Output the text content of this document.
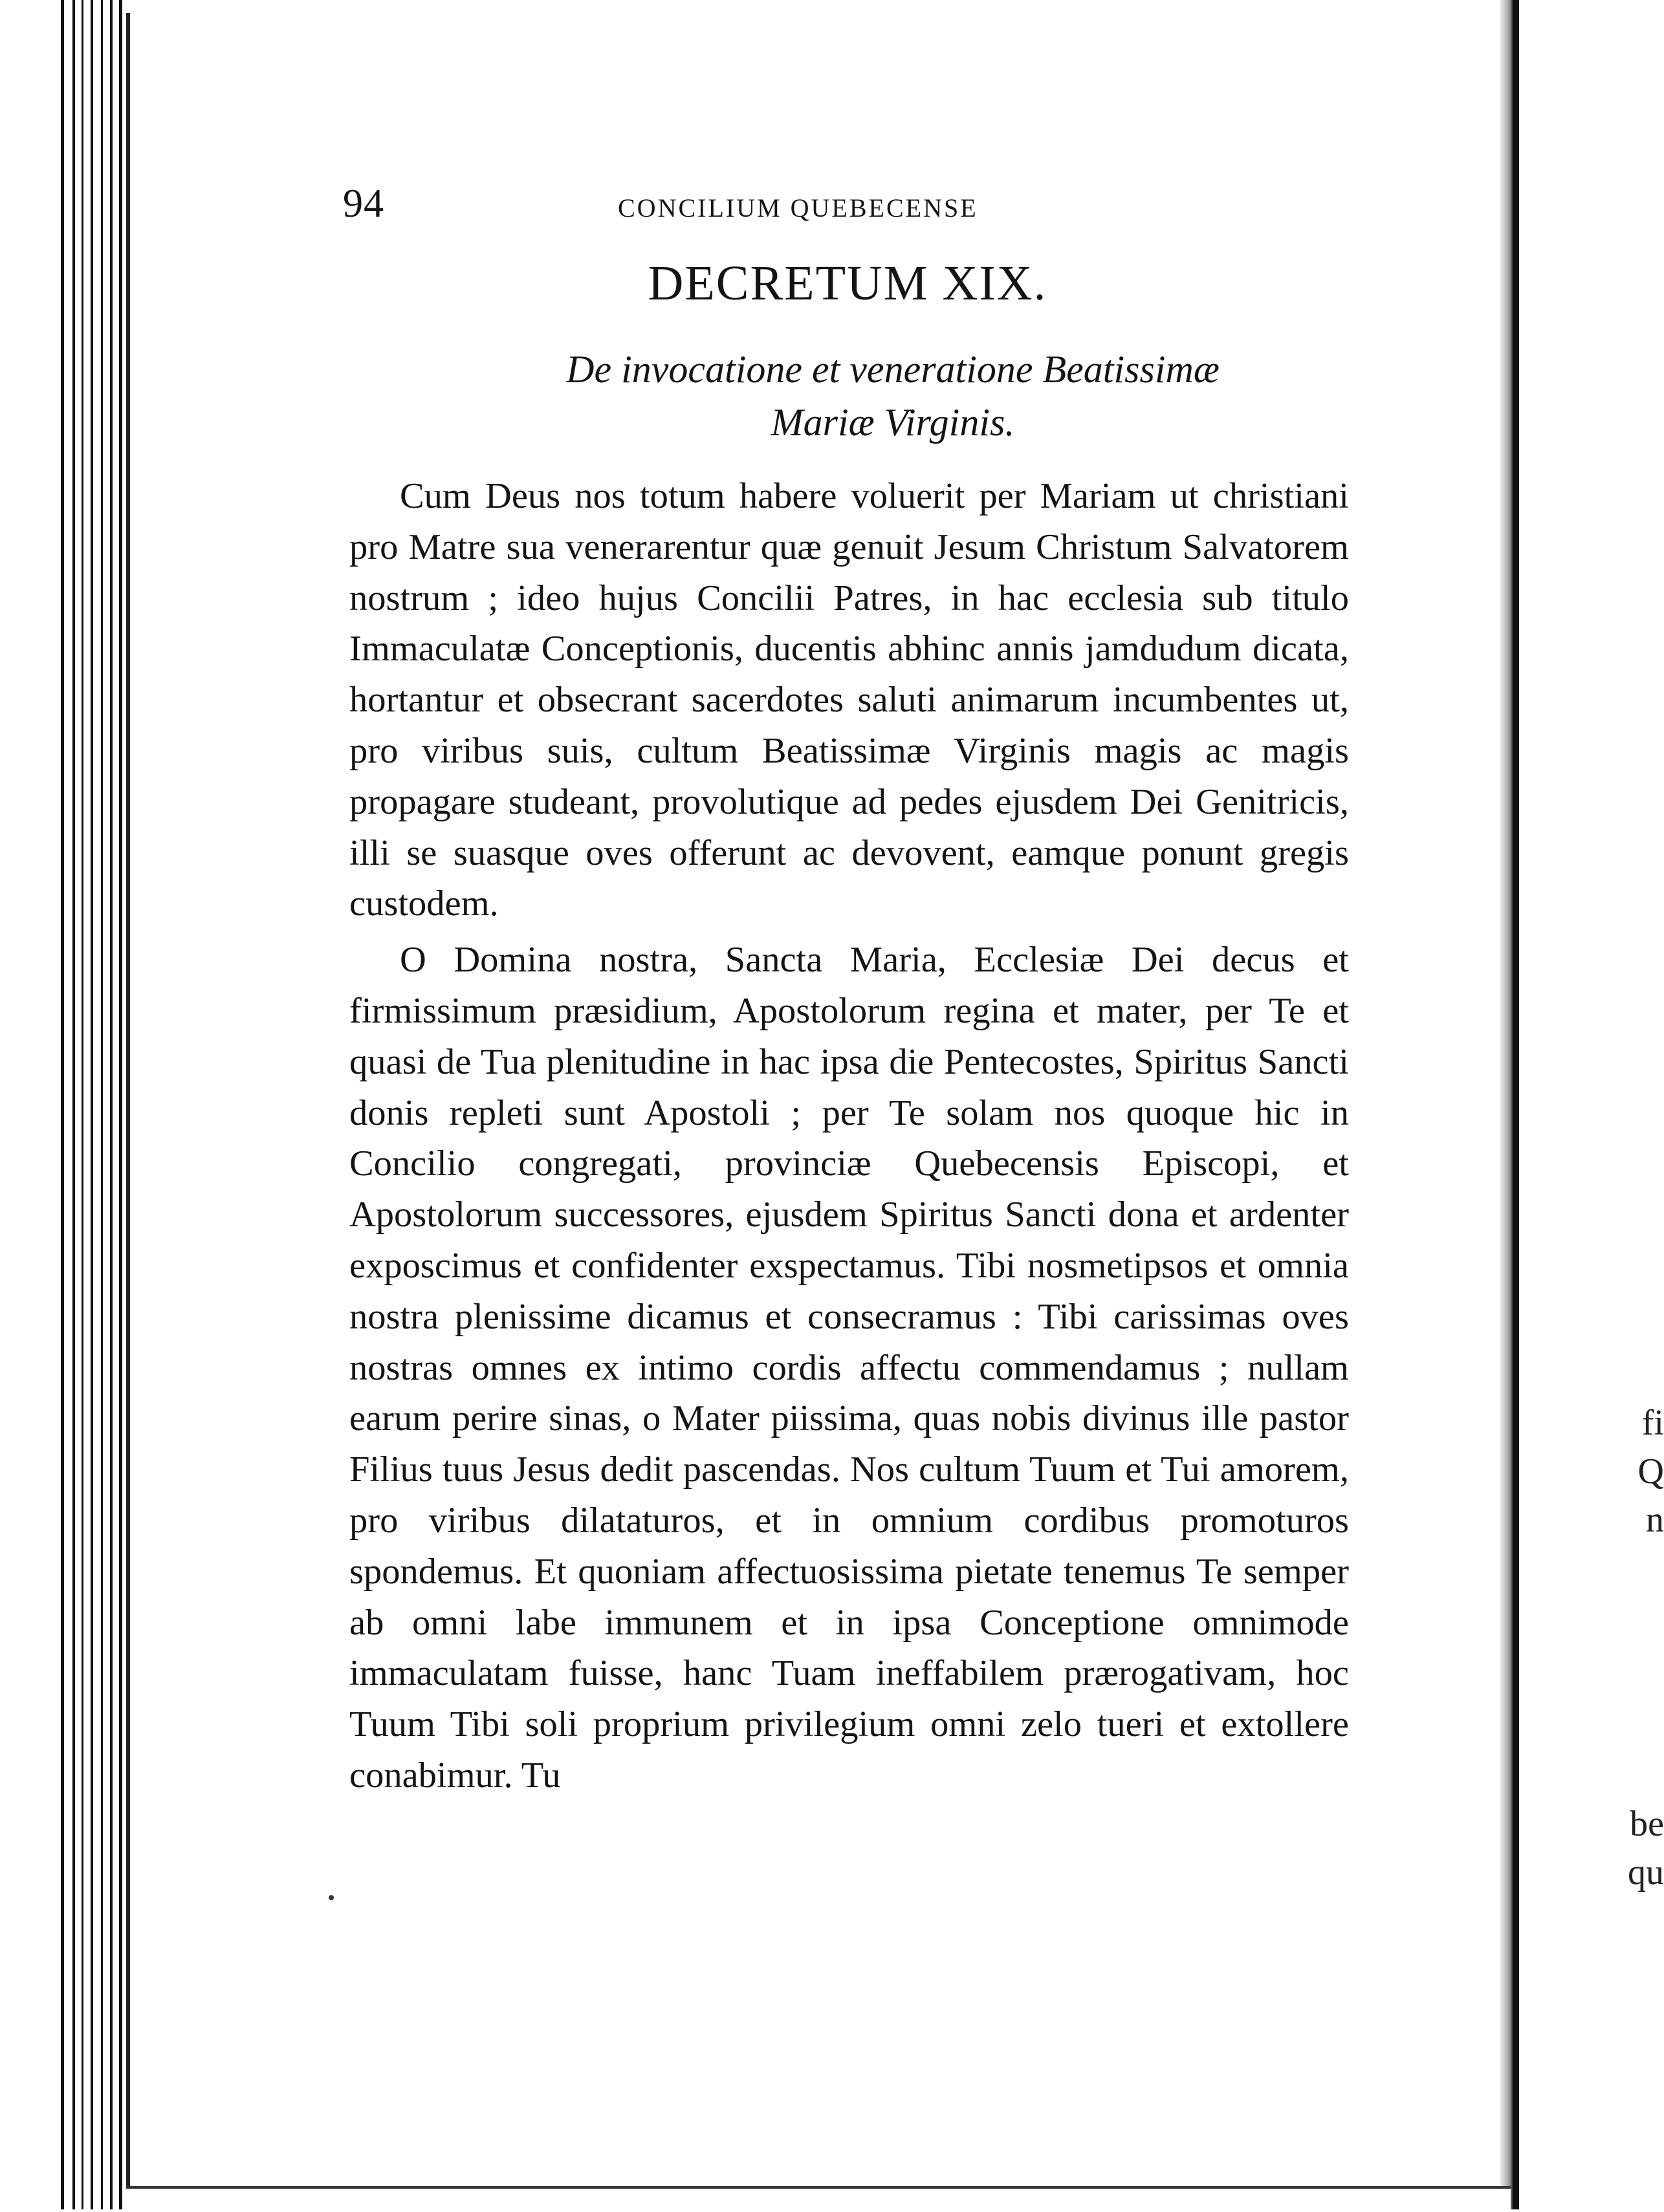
fi
Q
n
be
qu
94	CONCILIUM QUEBECENSE
DECRETUM XIX.
De invocatione et veneratione Beatissimæ
Mariæ Virginis.

Cum Deus nos totum habere voluerit per Mariam ut christiani pro Matre sua venerarentur quæ genuit Jesum Christum Salvatorem nostrum ; ideo hujus Concilii Patres, in hac ecclesia sub titulo Immaculatæ Conceptionis, ducentis abhinc annis jamdudum dicata, hortantur et obsecrant sacerdotes saluti animarum incumbentes ut, pro viribus suis, cultum Beatissimæ Virginis magis ac magis propagare studeant, provolutique ad pedes ejusdem Dei Genitricis, illi se suasque oves offerunt ac devovent, eamque ponunt gregis custodem.

O Domina nostra, Sancta Maria, Ecclesiæ Dei decus et firmissimum præsidium, Apostolorum regina et mater, per Te et quasi de Tua plenitudine in hac ipsa die Pentecostes, Spiritus Sancti donis repleti sunt Apostoli ; per Te solam nos quoque hic in Concilio congregati, provinciæ Quebecensis Episcopi, et Apostolorum successores, ejusdem Spiritus Sancti dona et ardenter exposcimus et confidenter exspectamus. Tibi nosmetipsos et omnia nostra plenissime dicamus et consecramus : Tibi carissimas oves nostras omnes ex intimo cordis affectu commendamus ; nullam earum perire sinas, o Mater piissima, quas nobis divinus ille pastor Filius tuus Jesus dedit pascendas. Nos cultum Tuum et Tui amorem, pro viribus dilataturos, et in omnium cordibus promoturos spondemus. Et quoniam affectuosissima pietate tenemus Te semper ab omni labe immunem et in ipsa Conceptione omnimode immaculatam fuisse, hanc Tuam ineffabilem prærogativam, hoc Tuum Tibi soli proprium privilegium omni zelo tueri et extollere conabimur. Tu
